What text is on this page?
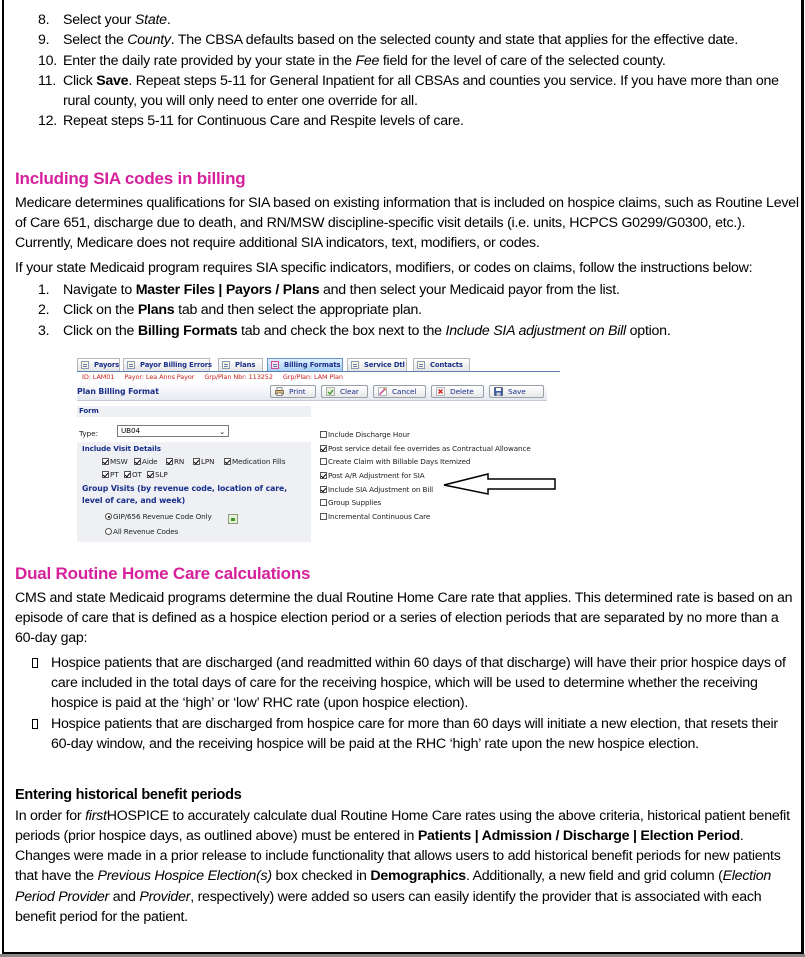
8. Select your State.
9. Select the County. The CBSA defaults based on the selected county and state that applies for the effective date.
10. Enter the daily rate provided by your state in the Fee field for the level of care of the selected county.
11. Click Save. Repeat steps 5-11 for General Inpatient for all CBSAs and counties you service. If you have more than one rural county, you will only need to enter one override for all.
12. Repeat steps 5-11 for Continuous Care and Respite levels of care.
Including SIA codes in billing

Medicare determines qualifications for SIA based on existing information that is included on hospice claims, such as Routine Level of Care 651, discharge due to death, and RN/MSW discipline-specific visit details (i.e. units, HCPCS G0299/G0300, etc.). Currently, Medicare does not require additional SIA indicators, text, modifiers, or codes.

If your state Medicaid program requires SIA specific indicators, modifiers, or codes on claims, follow the instructions below:

1. Navigate to Master Files | Payors / Plans and then select your Medicaid payor from the list.
2. Click on the Plans tab and then select the appropriate plan.
3. Click on the Billing Formats tab and check the box next to the Include SIA adjustment on Bill option.
Dual Routine Home Care calculations

CMS and state Medicaid programs determine the dual Routine Home Care rate that applies. This determined rate is based on an episode of care that is defined as a hospice election period or a series of election periods that are separated by no more than a 60-day gap:

Hospice patients that are discharged (and readmitted within 60 days of that discharge) will have their prior hospice days of care included in the total days of care for the receiving hospice, which will be used to determine whether the receiving hospice is paid at the ‘high’ or ‘low’ RHC rate (upon hospice election).
Hospice patients that are discharged from hospice care for more than 60 days will initiate a new election, that resets their 60-day window, and the receiving hospice will be paid at the RHC ‘high’ rate upon the new hospice election.
Entering historical benefit periods

In order for firstHOSPICE to accurately calculate dual Routine Home Care rates using the above criteria, historical patient benefit periods (prior hospice days, as outlined above) must be entered in Patients | Admission / Discharge | Election Period. Changes were made in a prior release to include functionality that allows users to add historical benefit periods for new patients that have the Previous Hospice Election(s) box checked in Demographics. Additionally, a new field and grid column (Election Period Provider and Provider, respectively) were added so users can easily identify the provider that is associated with each benefit period for the patient.

Payors	Payor Billing Errors	Plans	Billing Formats	Service Dtl	Contacts
ID: LAM01 Payor: Lea Anns Payor Grp/Plan Nbr: 113252 Grp/Plan: LAM Plan
Plan Billing Format	Print	Clear	Cancel	Delete	Save
Form
Type:	UB04	⌄
Include Visit Details
MSW	Aide	RN	LPN	Medication Fills
PT	OT	SLP
Group Visits (by revenue code, location of care, level of care, and week)
GIP/656 Revenue Code Only
All Revenue Codes
Include Discharge Hour
Post service detail fee overrides as Contractual Allowance
Create Claim with Billable Days Itemized
Post A/R Adjustment for SIA
Include SIA Adjustment on Bill
Group Supplies
Incremental Continuous Care
